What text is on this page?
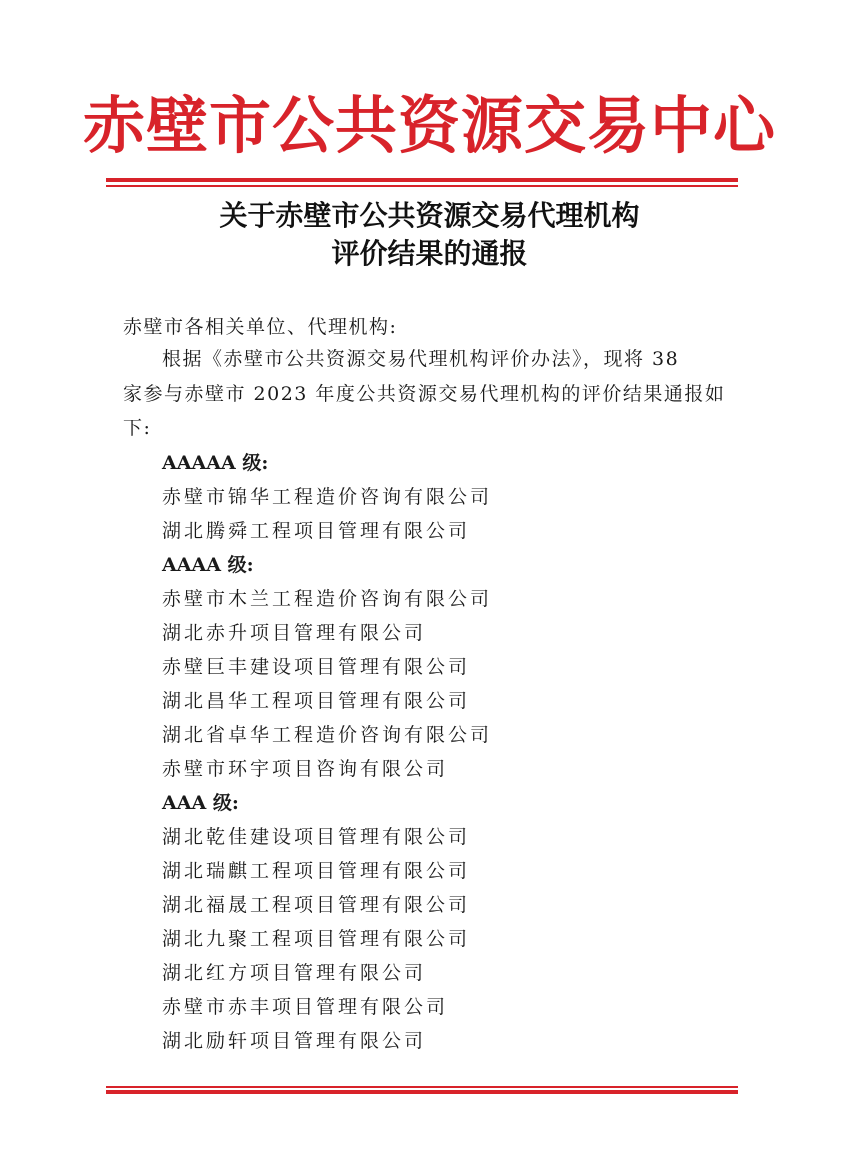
赤壁市公共资源交易中心
关于赤壁市公共资源交易代理机构
评价结果的通报
赤壁市各相关单位、代理机构:
根据《赤壁市公共资源交易代理机构评价办法》，现将 38
家参与赤壁市 2023 年度公共资源交易代理机构的评价结果通报如
下:
AAAAA 级:
赤壁市锦华工程造价咨询有限公司
湖北腾舜工程项目管理有限公司
AAAA 级:
赤壁市木兰工程造价咨询有限公司
湖北赤升项目管理有限公司
赤壁巨丰建设项目管理有限公司
湖北昌华工程项目管理有限公司
湖北省卓华工程造价咨询有限公司
赤壁市环宇项目咨询有限公司
AAA 级:
湖北乾佳建设项目管理有限公司
湖北瑞麒工程项目管理有限公司
湖北福晟工程项目管理有限公司
湖北九聚工程项目管理有限公司
湖北红方项目管理有限公司
赤壁市赤丰项目管理有限公司
湖北励轩项目管理有限公司
